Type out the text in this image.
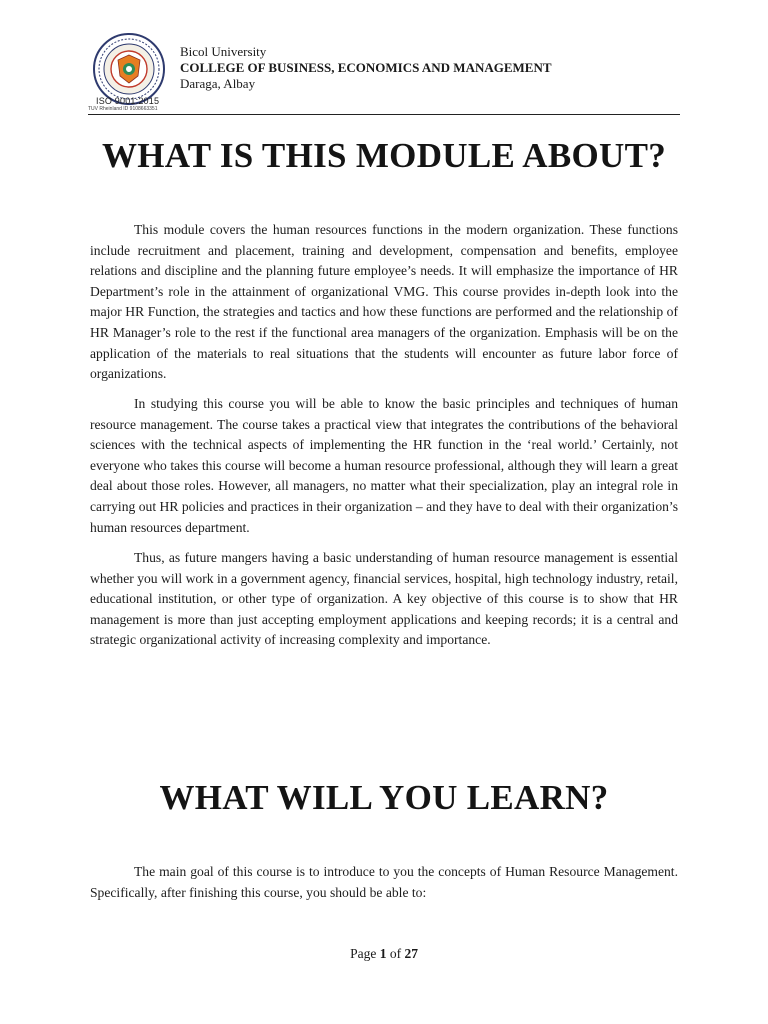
ISO 9001:2015
TUV Rheinland ID 9108663351
Bicol University
COLLEGE OF BUSINESS, ECONOMICS AND MANAGEMENT
Daraga, Albay
WHAT IS THIS MODULE ABOUT?

This module covers the human resources functions in the modern organization. These functions include recruitment and placement, training and development, compensation and benefits, employee relations and discipline and the planning future employee’s needs. It will emphasize the importance of HR Department’s role in the attainment of organizational VMG. This course provides in-depth look into the major HR Function, the strategies and tactics and how these functions are performed and the relationship of HR Manager’s role to the rest if the functional area managers of the organization. Emphasis will be on the application of the materials to real situations that the students will encounter as future labor force of organizations.

In studying this course you will be able to know the basic principles and techniques of human resource management. The course takes a practical view that integrates the contributions of the behavioral sciences with the technical aspects of implementing the HR function in the ‘real world.’ Certainly, not everyone who takes this course will become a human resource professional, although they will learn a great deal about those roles. However, all managers, no matter what their specialization, play an integral role in carrying out HR policies and practices in their organization – and they have to deal with their organization’s human resources department.

Thus, as future mangers having a basic understanding of human resource management is essential whether you will work in a government agency, financial services, hospital, high technology industry, retail, educational institution, or other type of organization. A key objective of this course is to show that HR management is more than just accepting employment applications and keeping records; it is a central and strategic organizational activity of increasing complexity and importance.

WHAT WILL YOU LEARN?

The main goal of this course is to introduce to you the concepts of Human Resource Management. Specifically, after finishing this course, you should be able to:

Page 1 of 27
